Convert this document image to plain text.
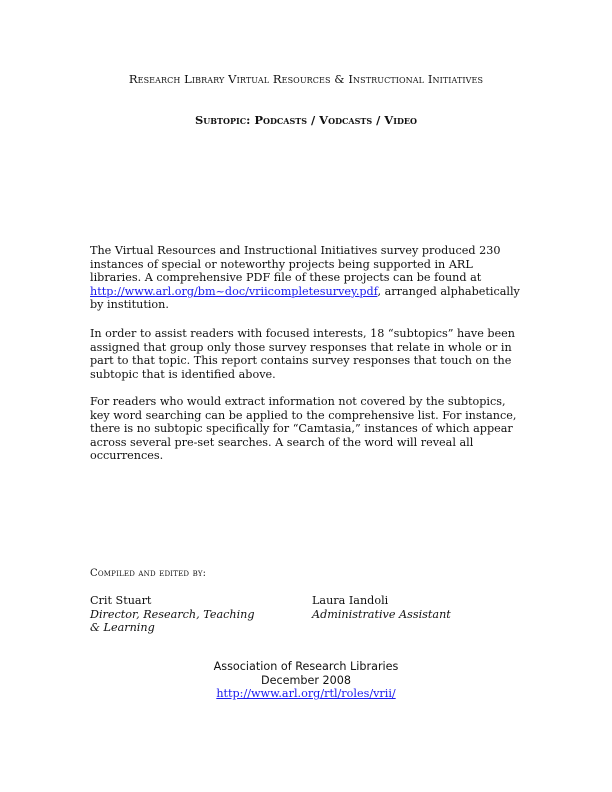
Research Library Virtual Resources & Instructional Initiatives
Subtopic: Podcasts / Vodcasts / Video

The Virtual Resources and Instructional Initiatives survey produced 230 instances of special or noteworthy projects being supported in ARL libraries. A comprehensive PDF file of these projects can be found at http://www.arl.org/bm~doc/vriicompletesurvey.pdf, arranged alphabetically by institution.

In order to assist readers with focused interests, 18 “subtopics” have been assigned that group only those survey responses that relate in whole or in part to that topic. This report contains survey responses that touch on the subtopic that is identified above.

For readers who would extract information not covered by the subtopics, key word searching can be applied to the comprehensive list. For instance, there is no subtopic specifically for “Camtasia,” instances of which appear across several pre-set searches. A search of the word will reveal all occurrences.

Compiled and edited by:
Crit Stuart
Director, Research, Teaching & Learning
Laura Iandoli
Administrative Assistant
Association of Research Libraries
December 2008
http://www.arl.org/rtl/roles/vrii/
